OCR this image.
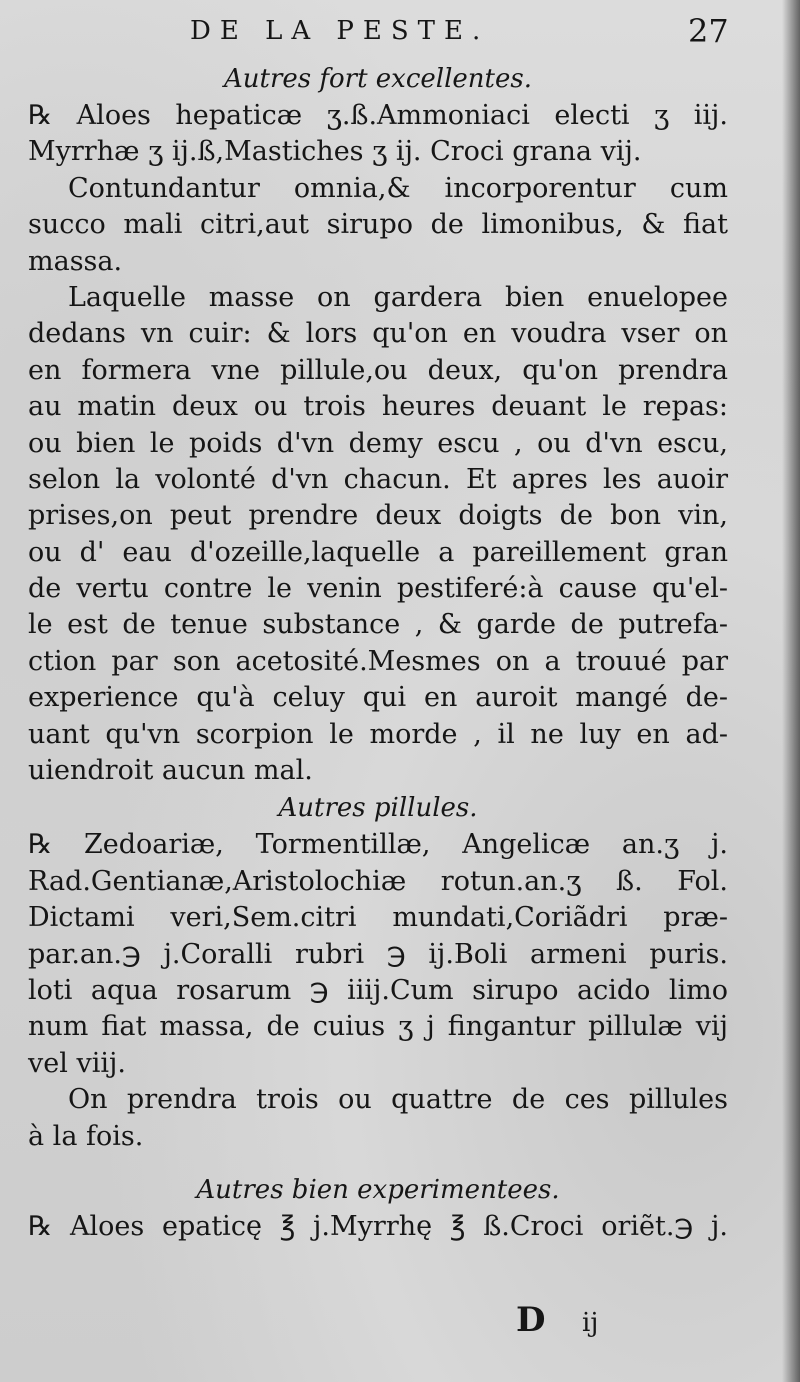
DE LA PESTE.	27
Autres fort excellentes.
℞ Aloes hepaticæ ʒ.ß.Ammoniaci electi ʒ iij.
Myrrhæ ʒ ij.ß,Mastiches ʒ ij. Croci grana vij.
Contundantur omnia,& incorporentur cum
succo mali citri,aut sirupo de limonibus, & fiat
massa.
Laquelle masse on gardera bien enuelopee
dedans vn cuir: & lors qu'on en voudra vser on
en formera vne pillule,ou deux, qu'on prendra
au matin deux ou trois heures deuant le repas:
ou bien le poids d'vn demy escu , ou d'vn escu,
selon la volonté d'vn chacun. Et apres les auoir
prises,on peut prendre deux doigts de bon vin,
ou d' eau d'ozeille,laquelle a pareillement gran
de vertu contre le venin pestiferé:à cause qu'el-
le est de tenue substance , & garde de putrefa-
ction par son acetosité.Mesmes on a trouué par
experience qu'à celuy qui en auroit mangé de-
uant qu'vn scorpion le morde , il ne luy en ad-
uiendroit aucun mal.
Autres pillules.
℞ Zedoariæ, Tormentillæ, Angelicæ an.ʒ j.
Rad.Gentianæ,Aristolochiæ rotun.an.ʒ ß. Fol.
Dictami veri,Sem.citri mundati,Coriãdri præ-
par.an.℈ j.Coralli rubri ℈ ij.Boli armeni puris.
loti aqua rosarum ℈ iiij.Cum sirupo acido limo
num fiat massa, de cuius ʒ j fingantur pillulæ vij
vel viij.
On prendra trois ou quattre de ces pillules
à la fois.
Autres bien experimentees.
℞ Aloes epaticę ℥ j.Myrrhę ℥ ß.Croci oriẽt.℈ j.
D ij
